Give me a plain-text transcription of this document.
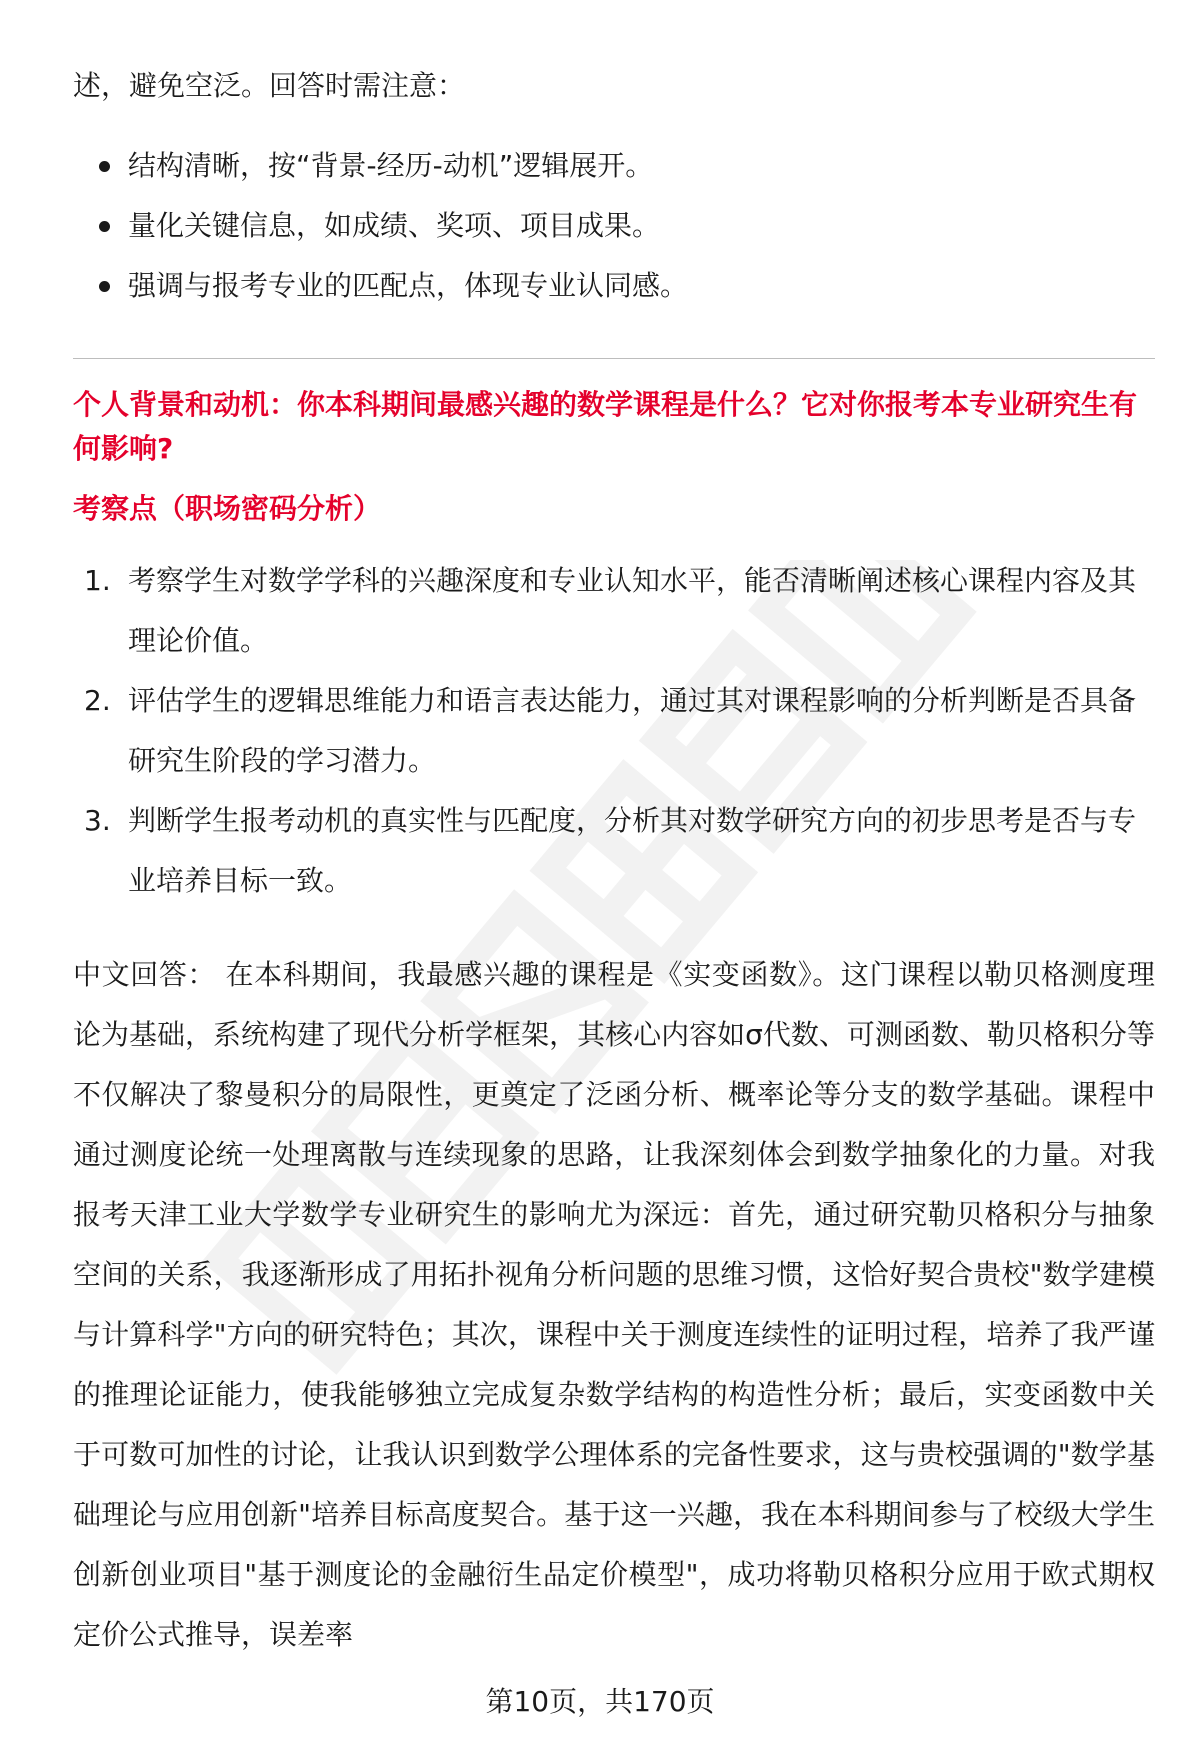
述，避免空泛。回答时需注意：

结构清晰，按“背景-经历-动机”逻辑展开。
量化关键信息，如成绩、奖项、项目成果。
强调与报考专业的匹配点，体现专业认同感。

个人背景和动机：你本科期间最感兴趣的数学课程是什么？它对你报考本专业研究生有何影响?

考察点（职场密码分析）

1. 考察学生对数学学科的兴趣深度和专业认知水平，能否清晰阐述核心课程内容及其理论价值。
2. 评估学生的逻辑思维能力和语言表达能力，通过其对课程影响的分析判断是否具备研究生阶段的学习潜力。
3. 判断学生报考动机的真实性与匹配度，分析其对数学研究方向的初步思考是否与专业培养目标一致。

中文回答： 在本科期间，我最感兴趣的课程是《实变函数》。这门课程以勒贝格测度理论为基础，系统构建了现代分析学框架，其核心内容如σ代数、可测函数、勒贝格积分等不仅解决了黎曼积分的局限性，更奠定了泛函分析、概率论等分支的数学基础。课程中通过测度论统一处理离散与连续现象的思路，让我深刻体会到数学抽象化的力量。对我报考天津工业大学数学专业研究生的影响尤为深远：首先，通过研究勒贝格积分与抽象空间的关系，我逐渐形成了用拓扑视角分析问题的思维习惯，这恰好契合贵校"数学建模与计算科学"方向的研究特色；其次，课程中关于测度连续性的证明过程，培养了我严谨的推理论证能力，使我能够独立完成复杂数学结构的构造性分析；最后，实变函数中关于可数可加性的讨论，让我认识到数学公理体系的完备性要求，这与贵校强调的"数学基础理论与应用创新"培养目标高度契合。基于这一兴趣，我在本科期间参与了校级大学生创新创业项目"基于测度论的金融衍生品定价模型"，成功将勒贝格积分应用于欧式期权定价公式推导，误差率

第10页，共170页
